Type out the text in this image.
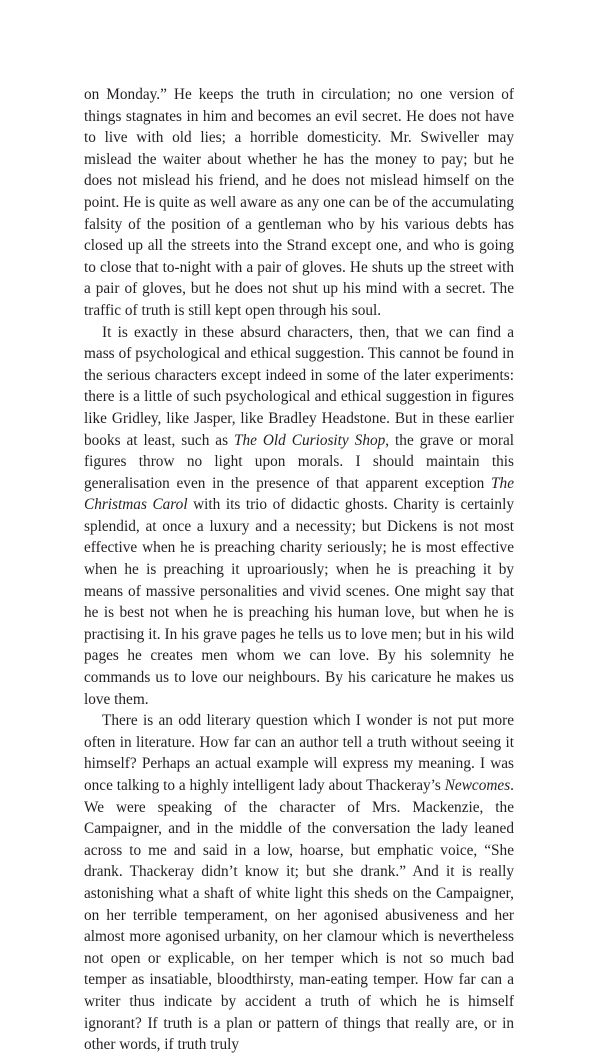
on Monday.” He keeps the truth in circulation; no one version of things stagnates in him and becomes an evil secret. He does not have to live with old lies; a horrible domesticity. Mr. Swiveller may mislead the waiter about whether he has the money to pay; but he does not mislead his friend, and he does not mislead himself on the point. He is quite as well aware as any one can be of the accumulating falsity of the position of a gentleman who by his various debts has closed up all the streets into the Strand except one, and who is going to close that to-night with a pair of gloves. He shuts up the street with a pair of gloves, but he does not shut up his mind with a secret. The traffic of truth is still kept open through his soul.

It is exactly in these absurd characters, then, that we can find a mass of psychological and ethical suggestion. This cannot be found in the serious characters except indeed in some of the later experiments: there is a little of such psychological and ethical suggestion in figures like Gridley, like Jasper, like Bradley Headstone. But in these earlier books at least, such as The Old Curiosity Shop, the grave or moral figures throw no light upon morals. I should maintain this generalisation even in the presence of that apparent exception The Christmas Carol with its trio of didactic ghosts. Charity is certainly splendid, at once a luxury and a necessity; but Dickens is not most effective when he is preaching charity seriously; he is most effective when he is preaching it uproariously; when he is preaching it by means of massive personalities and vivid scenes. One might say that he is best not when he is preaching his human love, but when he is practising it. In his grave pages he tells us to love men; but in his wild pages he creates men whom we can love. By his solemnity he commands us to love our neighbours. By his caricature he makes us love them.

There is an odd literary question which I wonder is not put more often in literature. How far can an author tell a truth without seeing it himself? Perhaps an actual example will express my meaning. I was once talking to a highly intelligent lady about Thackeray’s Newcomes. We were speaking of the character of Mrs. Mackenzie, the Campaigner, and in the middle of the conversation the lady leaned across to me and said in a low, hoarse, but emphatic voice, “She drank. Thackeray didn’t know it; but she drank.” And it is really astonishing what a shaft of white light this sheds on the Campaigner, on her terrible temperament, on her agonised abusiveness and her almost more agonised urbanity, on her clamour which is nevertheless not open or explicable, on her temper which is not so much bad temper as insatiable, bloodthirsty, man-eating temper. How far can a writer thus indicate by accident a truth of which he is himself ignorant? If truth is a plan or pattern of things that really are, or in other words, if truth truly
